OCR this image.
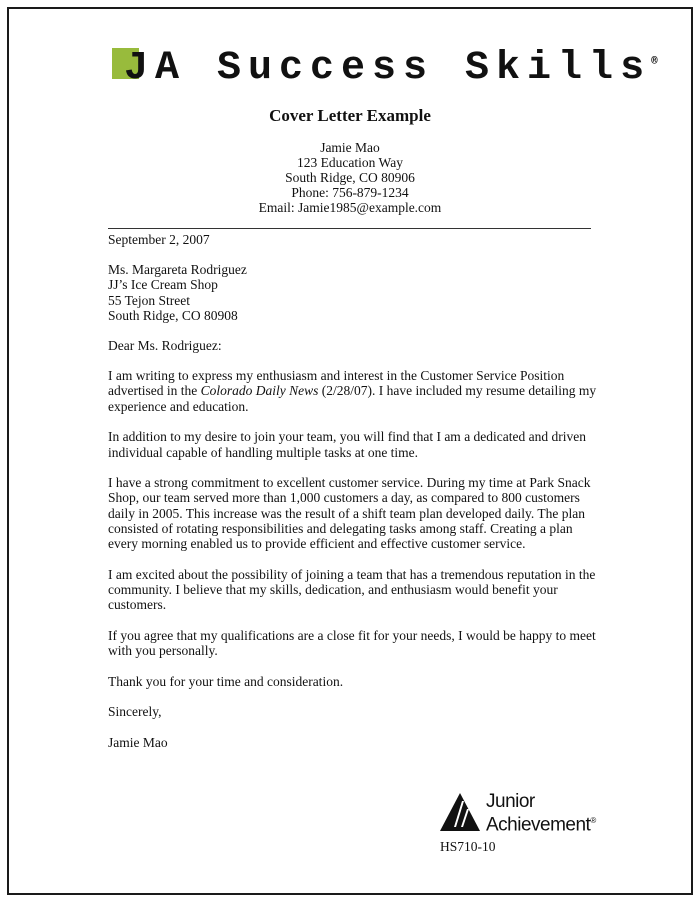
JA Success Skills®
Cover Letter Example
Jamie Mao
123 Education Way
South Ridge, CO 80906
Phone: 756-879-1234
Email: Jamie1985@example.com

September 2, 2007

Ms. Margareta Rodriguez
JJ’s Ice Cream Shop
55 Tejon Street
South Ridge, CO 80908

Dear Ms. Rodriguez:

I am writing to express my enthusiasm and interest in the Customer Service Position advertised in the Colorado Daily News (2/28/07). I have included my resume detailing my experience and education.

In addition to my desire to join your team, you will find that I am a dedicated and driven individual capable of handling multiple tasks at one time.

I have a strong commitment to excellent customer service. During my time at Park Snack Shop, our team served more than 1,000 customers a day, as compared to 800 customers daily in 2005. This increase was the result of a shift team plan developed daily. The plan consisted of rotating responsibilities and delegating tasks among staff. Creating a plan every morning enabled us to provide efficient and effective customer service.

I am excited about the possibility of joining a team that has a tremendous reputation in the community. I believe that my skills, dedication, and enthusiasm would benefit your customers.

If you agree that my qualifications are a close fit for your needs, I would be happy to meet with you personally.

Thank you for your time and consideration.

Sincerely,

Jamie Mao

Junior
Achievement®
HS710-10
